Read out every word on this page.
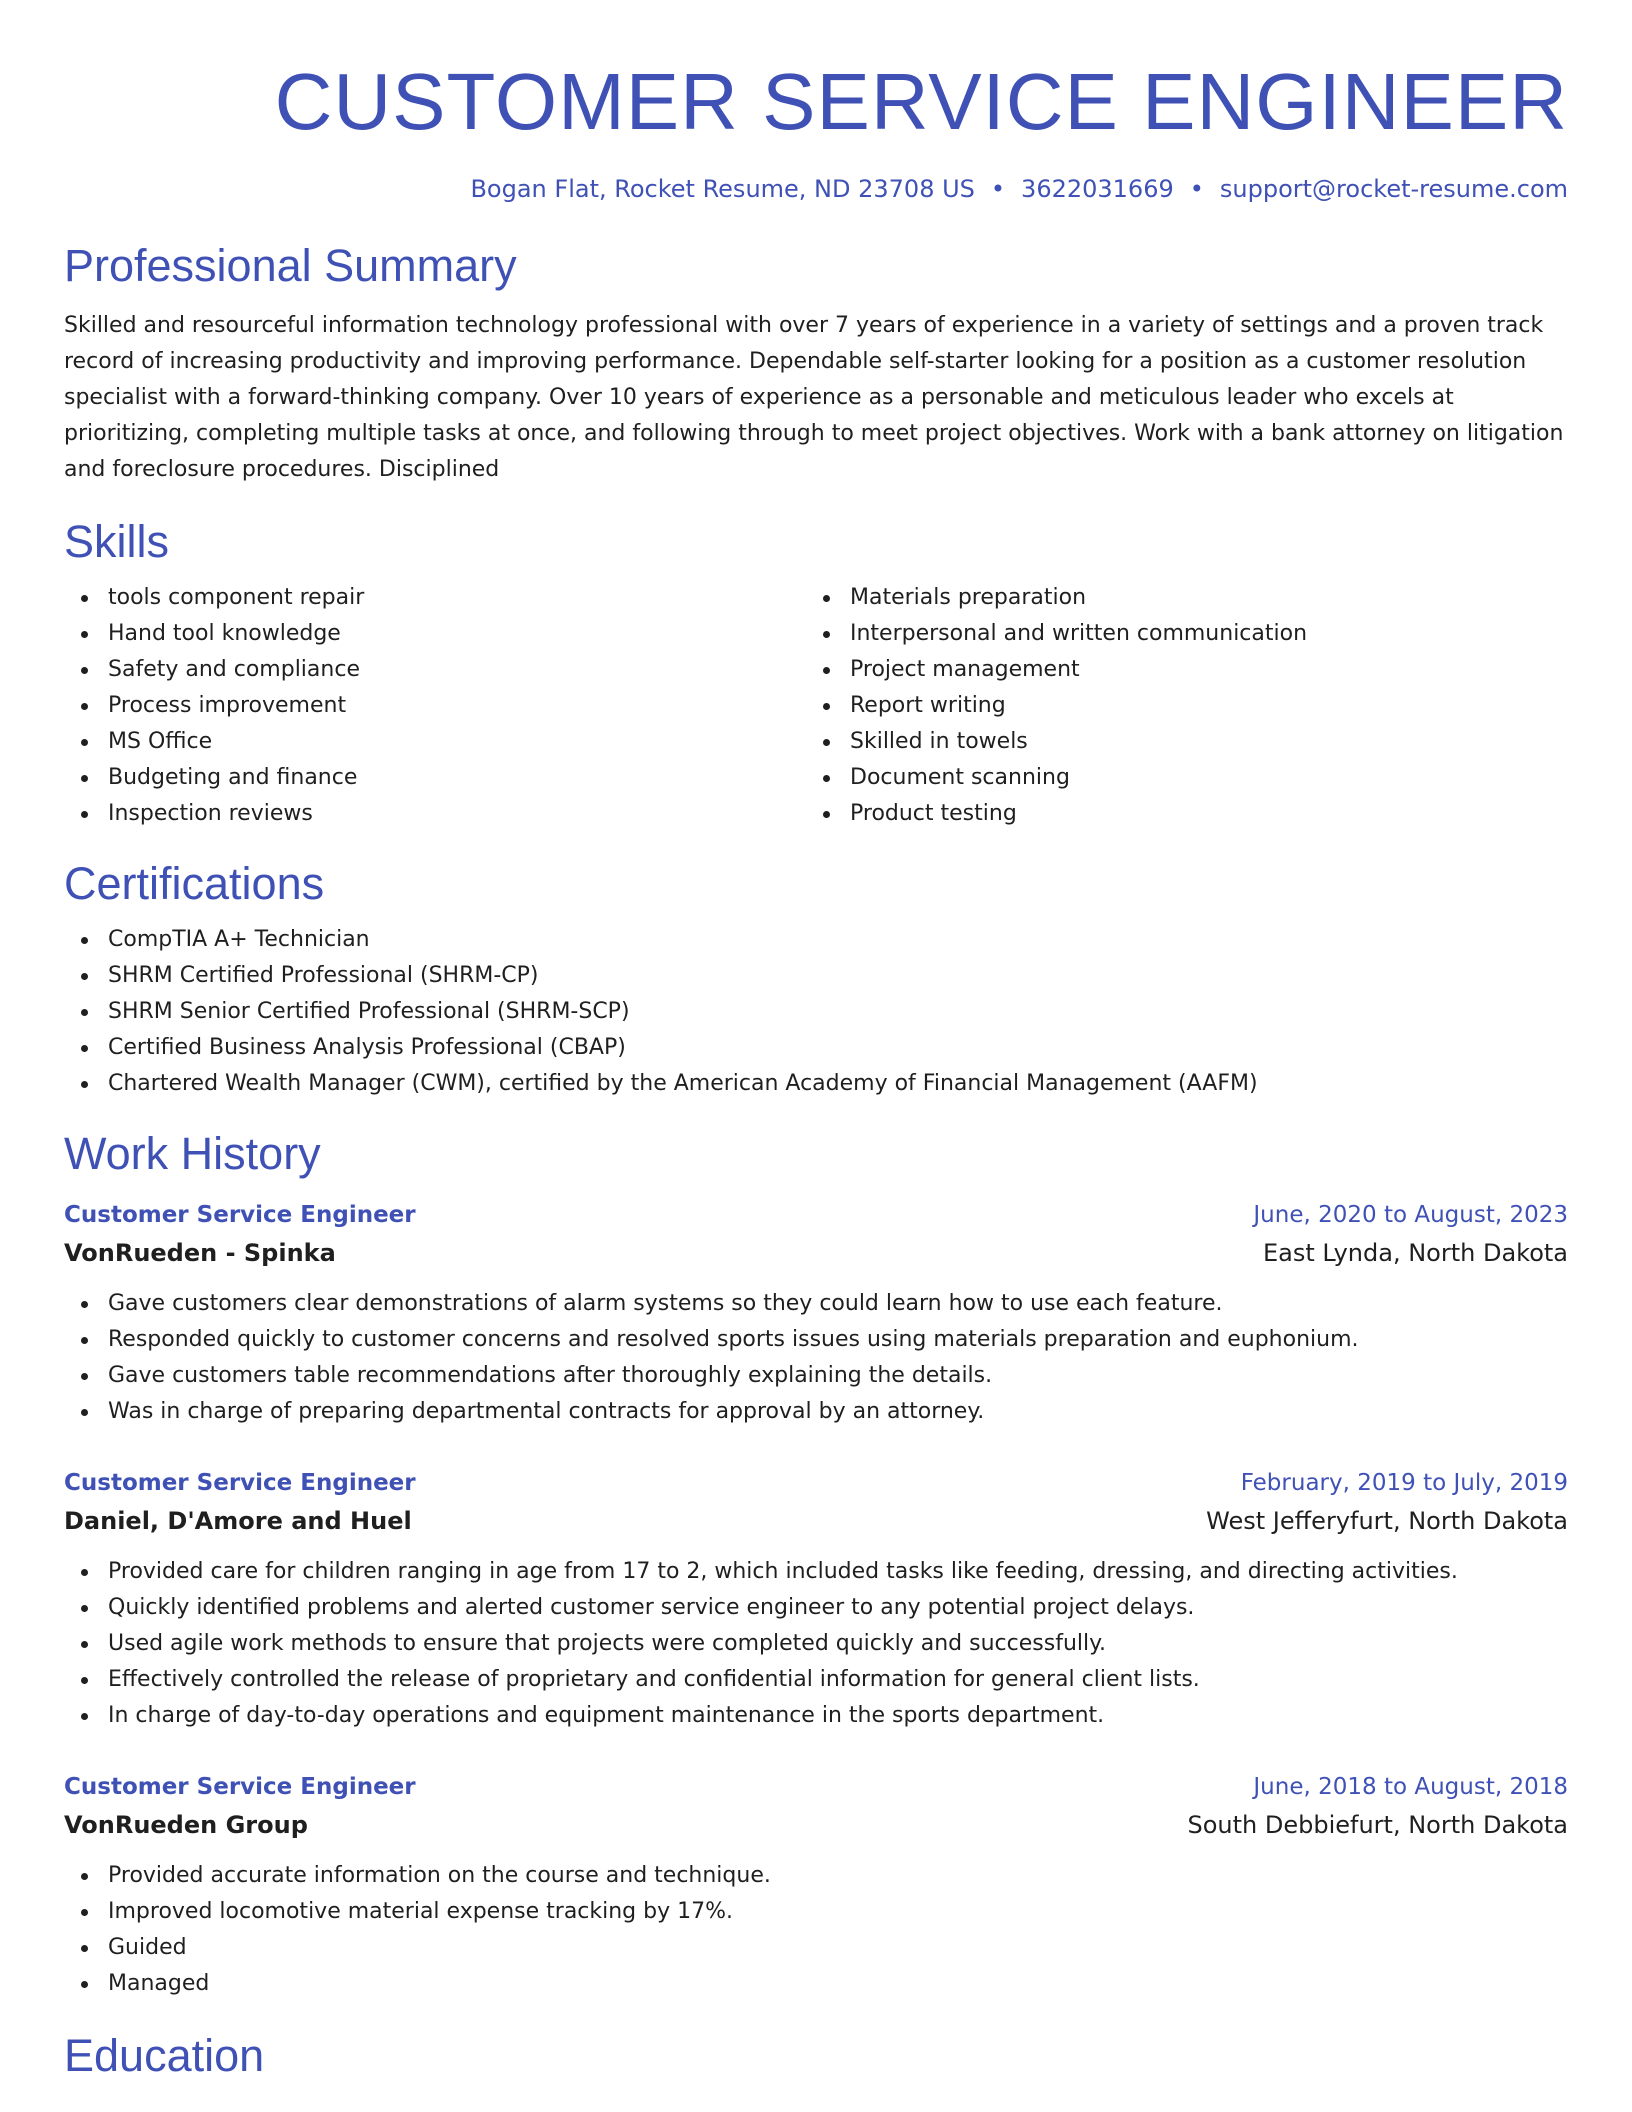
CUSTOMER SERVICE ENGINEER
Bogan Flat, Rocket Resume, ND 23708 US • 3622031669 • support@rocket-resume.com
Professional Summary

Skilled and resourceful information technology professional with over 7 years of experience in a variety of settings and a proven track record of increasing productivity and improving performance. Dependable self-starter looking for a position as a customer resolution specialist with a forward-thinking company. Over 10 years of experience as a personable and meticulous leader who excels at prioritizing, completing multiple tasks at once, and following through to meet project objectives. Work with a bank attorney on litigation and foreclosure procedures. Disciplined

Skills
tools component repair
Hand tool knowledge
Safety and compliance
Process improvement
MS Office
Budgeting and finance
Inspection reviews
Materials preparation
Interpersonal and written communication
Project management
Report writing
Skilled in towels
Document scanning
Product testing
Certifications
CompTIA A+ Technician
SHRM Certified Professional (SHRM-CP)
SHRM Senior Certified Professional (SHRM-SCP)
Certified Business Analysis Professional (CBAP)
Chartered Wealth Manager (CWM), certified by the American Academy of Financial Management (AAFM)
Work History
Customer Service Engineer	June, 2020 to August, 2023
VonRueden - Spinka	East Lynda, North Dakota
Gave customers clear demonstrations of alarm systems so they could learn how to use each feature.
Responded quickly to customer concerns and resolved sports issues using materials preparation and euphonium.
Gave customers table recommendations after thoroughly explaining the details.
Was in charge of preparing departmental contracts for approval by an attorney.
Customer Service Engineer	February, 2019 to July, 2019
Daniel, D'Amore and Huel	West Jefferyfurt, North Dakota
Provided care for children ranging in age from 17 to 2, which included tasks like feeding, dressing, and directing activities.
Quickly identified problems and alerted customer service engineer to any potential project delays.
Used agile work methods to ensure that projects were completed quickly and successfully.
Effectively controlled the release of proprietary and confidential information for general client lists.
In charge of day-to-day operations and equipment maintenance in the sports department.
Customer Service Engineer	June, 2018 to August, 2018
VonRueden Group	South Debbiefurt, North Dakota
Provided accurate information on the course and technique.
Improved locomotive material expense tracking by 17%.
Guided
Managed
Education
